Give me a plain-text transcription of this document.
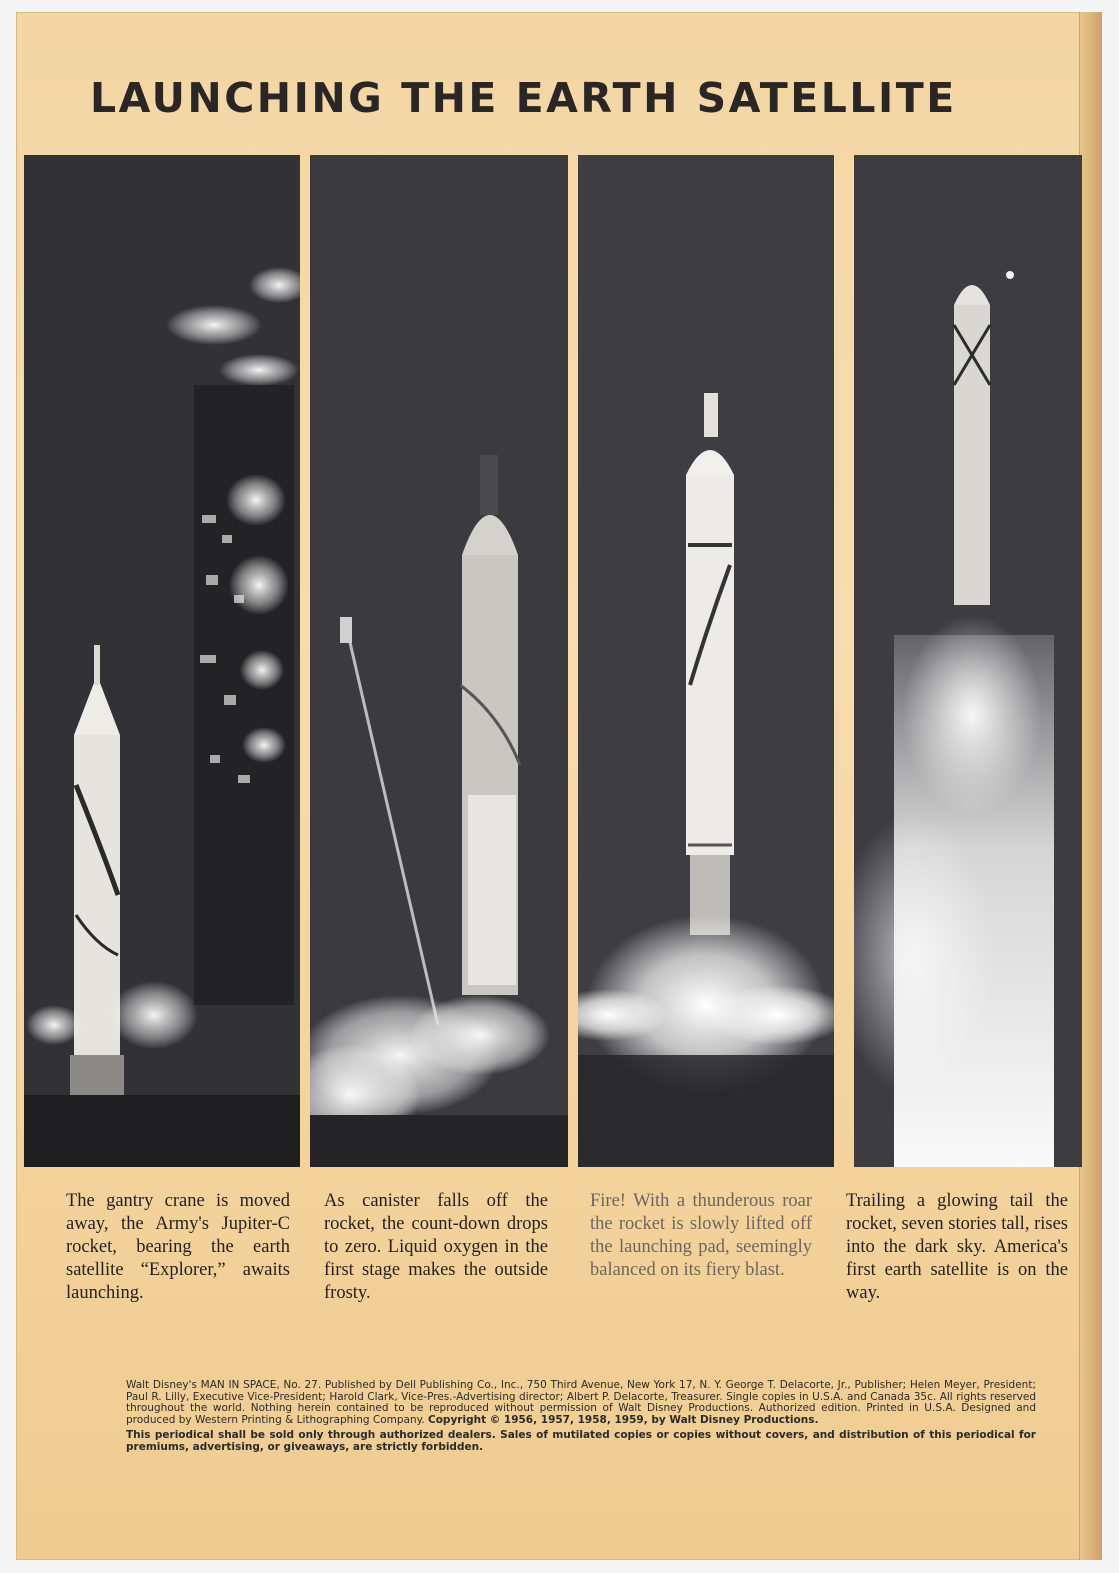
LAUNCHING THE EARTH SATELLITE

The gantry crane is moved away, the Army's Jupiter-C rocket, bearing the earth satellite “Explorer,” awaits launching.

As canister falls off the rocket, the count-down drops to zero. Liquid oxygen in the first stage makes the outside frosty.

Fire! With a thunderous roar the rocket is slowly lifted off the launching pad, seemingly balanced on its fiery blast.

Trailing a glowing tail the rocket, seven stories tall, rises into the dark sky. America's first earth satellite is on the way.

Walt Disney's MAN IN SPACE, No. 27. Published by Dell Publishing Co., Inc., 750 Third Avenue, New York 17, N. Y. George T. Delacorte, Jr., Publisher; Helen Meyer, President; Paul R. Lilly, Executive Vice-President; Harold Clark, Vice-Pres.-Advertising director; Albert P. Delacorte, Treasurer. Single copies in U.S.A. and Canada 35c. All rights reserved throughout the world. Nothing herein contained to be reproduced without permission of Walt Disney Productions. Authorized edition. Printed in U.S.A. Designed and produced by Western Printing & Lithographing Company. Copyright © 1956, 1957, 1958, 1959, by Walt Disney Productions.

This periodical shall be sold only through authorized dealers. Sales of mutilated copies or copies without covers, and distribution of this periodical for premiums, advertising, or giveaways, are strictly forbidden.
